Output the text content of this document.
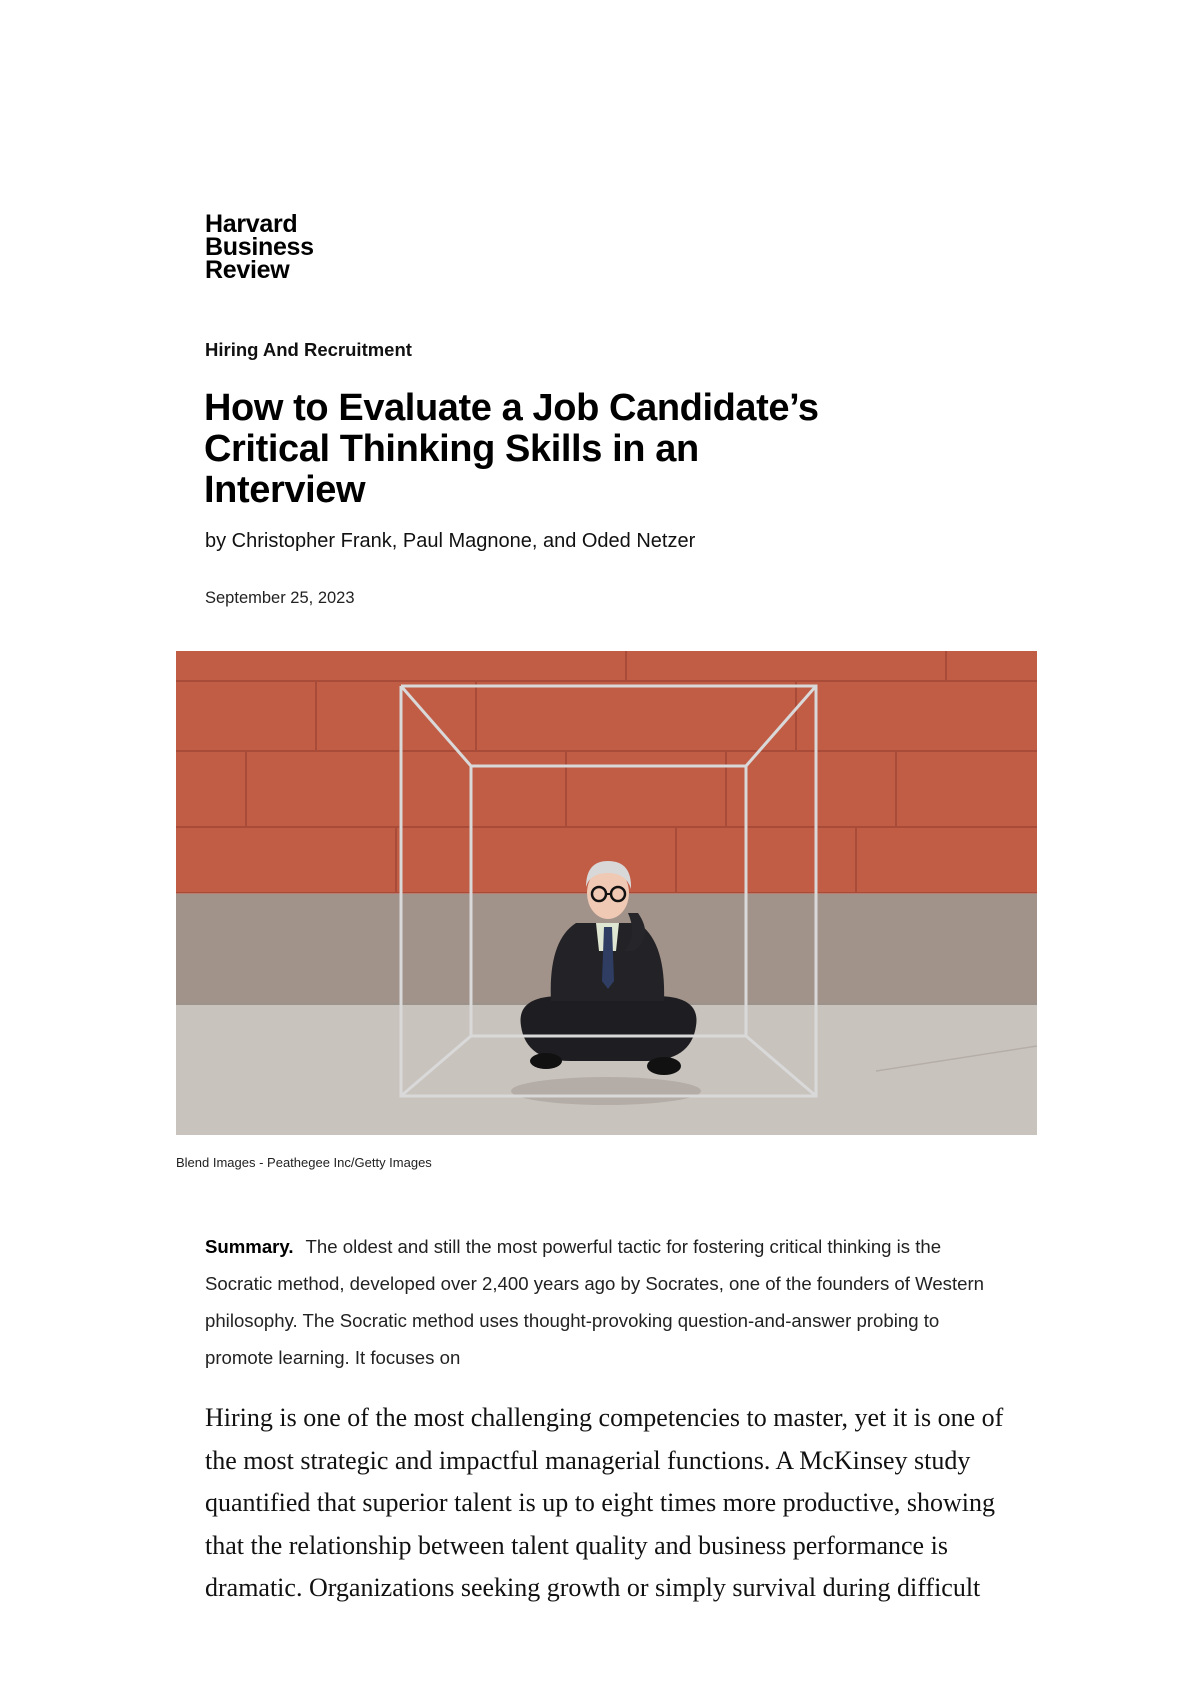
Harvard
Business
Review
Hiring And Recruitment
How to Evaluate a Job Candidate’s Critical Thinking Skills in an Interview
by Christopher Frank, Paul Magnone, and Oded Netzer
September 25, 2023
Blend Images - Peathegee Inc/Getty Images
Summary. The oldest and still the most powerful tactic for fostering critical thinking is the Socratic method, developed over 2,400 years ago by Socrates, one of the founders of Western philosophy. The Socratic method uses thought-provoking question-and-answer probing to promote learning. It focuses on
Hiring is one of the most challenging competencies to master, yet it is one of the most strategic and impactful managerial functions. A McKinsey study quantified that superior talent is up to eight times more productive, showing that the relationship between talent quality and business performance is dramatic. Organizations seeking growth or simply survival during difficult
